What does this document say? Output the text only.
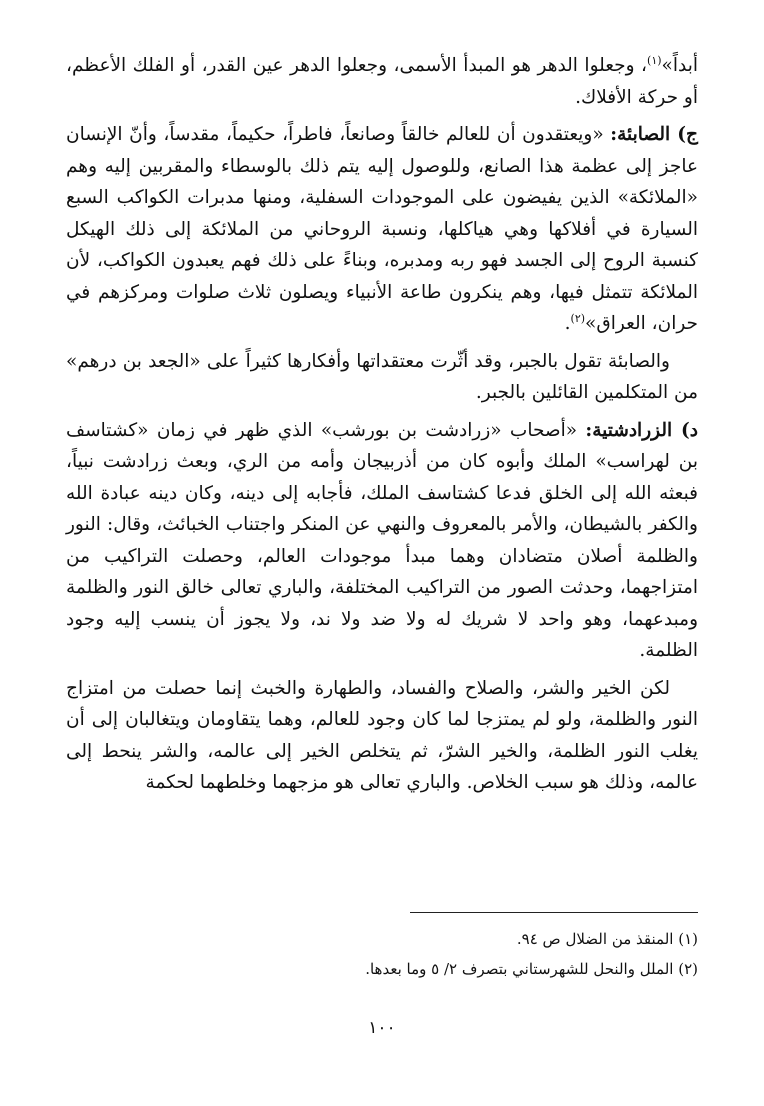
أبداً»$^{(١)}$، وجعلوا الدهر هو المبدأ الأسمى، وجعلوا الدهر عين القدر، أو الفلك الأعظم، أو حركة الأفلاك.

ج) الصابئة: «ويعتقدون أن للعالم خالقاً وصانعاً، فاطراً، حكيماً، مقدساً، وأنّ الإنسان عاجز إلى عظمة هذا الصانع، وللوصول إليه يتم ذلك بالوسطاء والمقربين إليه وهم «الملائكة» الذين يفيضون على الموجودات السفلية، ومنها مدبرات الكواكب السبع السيارة في أفلاكها وهي هياكلها، ونسبة الروحاني من الملائكة إلى ذلك الهيكل كنسبة الروح إلى الجسد فهو ربه ومدبره، وبناءً على ذلك فهم يعبدون الكواكب، لأن الملائكة تتمثل فيها، وهم ينكرون طاعة الأنبياء ويصلون ثلاث صلوات ومركزهم في حران، العراق»$^{(٢)}$.

والصابئة تقول بالجبر، وقد أثّرت معتقداتها وأفكارها كثيراً على «الجعد بن درهم» من المتكلمين القائلين بالجبر.

د) الزرادشتية: «أصحاب «زرادشت بن بورشب» الذي ظهر في زمان «كشتاسف بن لهراسب» الملك وأبوه كان من أذربيجان وأمه من الري، وبعث زرادشت نبياً، فبعثه الله إلى الخلق فدعا كشتاسف الملك، فأجابه إلى دينه، وكان دينه عبادة الله والكفر بالشيطان، والأمر بالمعروف والنهي عن المنكر واجتناب الخبائث، وقال: النور والظلمة أصلان متضادان وهما مبدأ موجودات العالم، وحصلت التراكيب من امتزاجهما، وحدثت الصور من التراكيب المختلفة، والباري تعالى خالق النور والظلمة ومبدعهما، وهو واحد لا شريك له ولا ضد ولا ند، ولا يجوز أن ينسب إليه وجود الظلمة.

لكن الخير والشر، والصلاح والفساد، والطهارة والخبث إنما حصلت من امتزاج النور والظلمة، ولو لم يمتزجا لما كان وجود للعالم، وهما يتقاومان ويتغالبان إلى أن يغلب النور الظلمة، والخير الشرّ، ثم يتخلص الخير إلى عالمه، والشر ينحط إلى عالمه، وذلك هو سبب الخلاص. والباري تعالى هو مزجهما وخلطهما لحكمة

(١) المنقذ من الضلال ص ٩٤.

(٢) الملل والنحل للشهرستاني بتصرف ٢/ ٥ وما بعدها.

١٠٠
